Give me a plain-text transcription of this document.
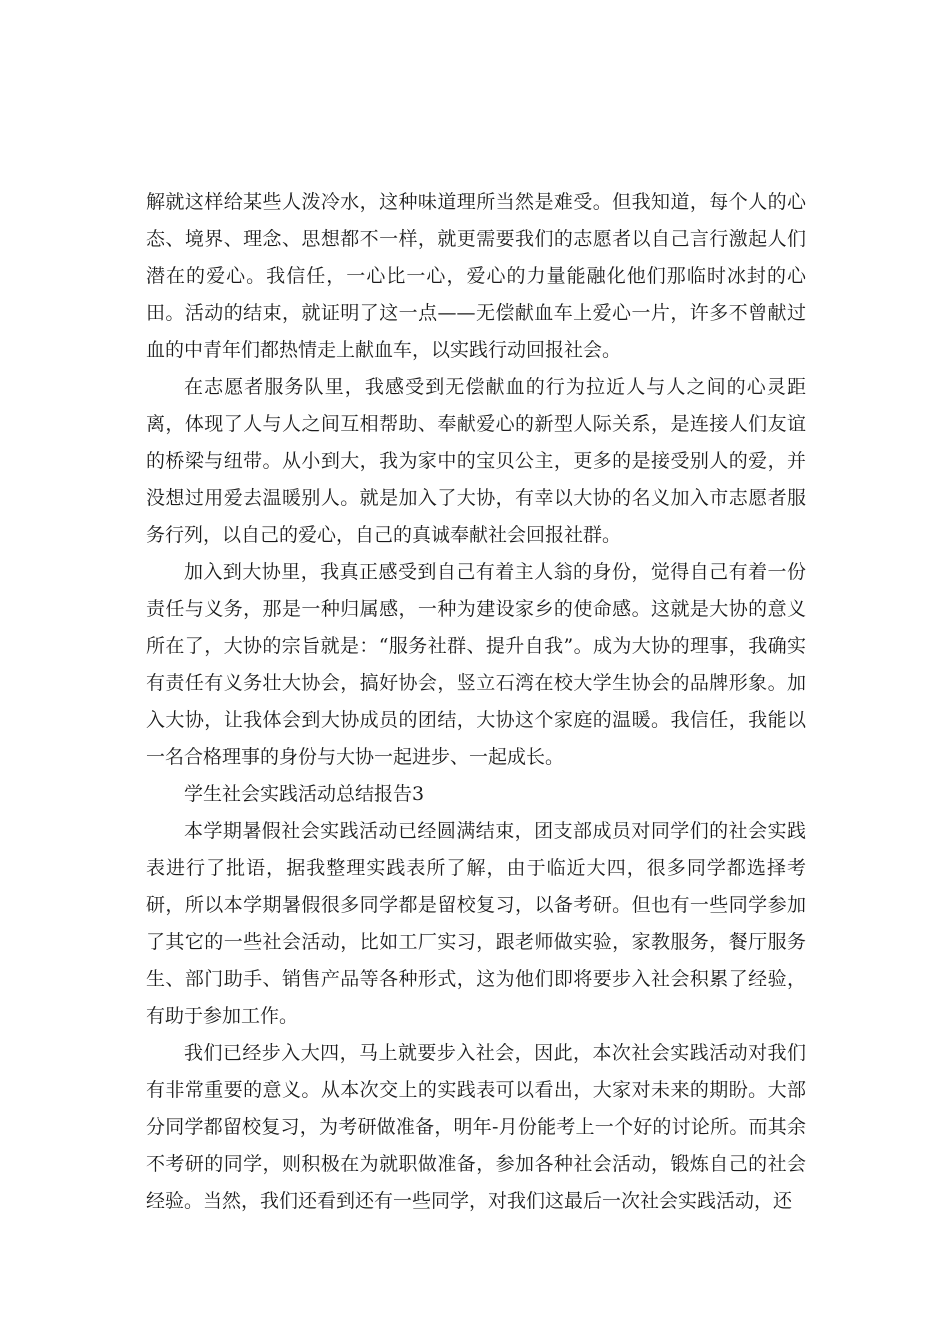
解就这样给某些人泼冷水，这种味道理所当然是难受。但我知道，每个人的心态、境界、理念、思想都不一样，就更需要我们的志愿者以自己言行激起人们潜在的爱心。我信任，一心比一心，爱心的力量能融化他们那临时冰封的心田。活动的结束，就证明了这一点——无偿献血车上爱心一片，许多不曾献过血的中青年们都热情走上献血车，以实践行动回报社会。

在志愿者服务队里，我感受到无偿献血的行为拉近人与人之间的心灵距离，体现了人与人之间互相帮助、奉献爱心的新型人际关系，是连接人们友谊的桥梁与纽带。从小到大，我为家中的宝贝公主，更多的是接受别人的爱，并没想过用爱去温暖别人。就是加入了大协，有幸以大协的名义加入市志愿者服务行列，以自己的爱心，自己的真诚奉献社会回报社群。

加入到大协里，我真正感受到自己有着主人翁的身份，觉得自己有着一份责任与义务，那是一种归属感，一种为建设家乡的使命感。这就是大协的意义所在了，大协的宗旨就是：“服务社群、提升自我”。成为大协的理事，我确实有责任有义务壮大协会，搞好协会，竖立石湾在校大学生协会的品牌形象。加入大协，让我体会到大协成员的团结，大协这个家庭的温暖。我信任，我能以一名合格理事的身份与大协一起进步、一起成长。

学生社会实践活动总结报告3

本学期暑假社会实践活动已经圆满结束，团支部成员对同学们的社会实践表进行了批语，据我整理实践表所了解，由于临近大四，很多同学都选择考研，所以本学期暑假很多同学都是留校复习，以备考研。但也有一些同学参加了其它的一些社会活动，比如工厂实习，跟老师做实验，家教服务，餐厅服务生、部门助手、销售产品等各种形式，这为他们即将要步入社会积累了经验，有助于参加工作。

我们已经步入大四，马上就要步入社会，因此，本次社会实践活动对我们有非常重要的意义。从本次交上的实践表可以看出，大家对未来的期盼。大部分同学都留校复习，为考研做准备，明年-月份能考上一个好的讨论所。而其余不考研的同学，则积极在为就职做准备，参加各种社会活动，锻炼自己的社会经验。当然，我们还看到还有一些同学，对我们这最后一次社会实践活动，还
